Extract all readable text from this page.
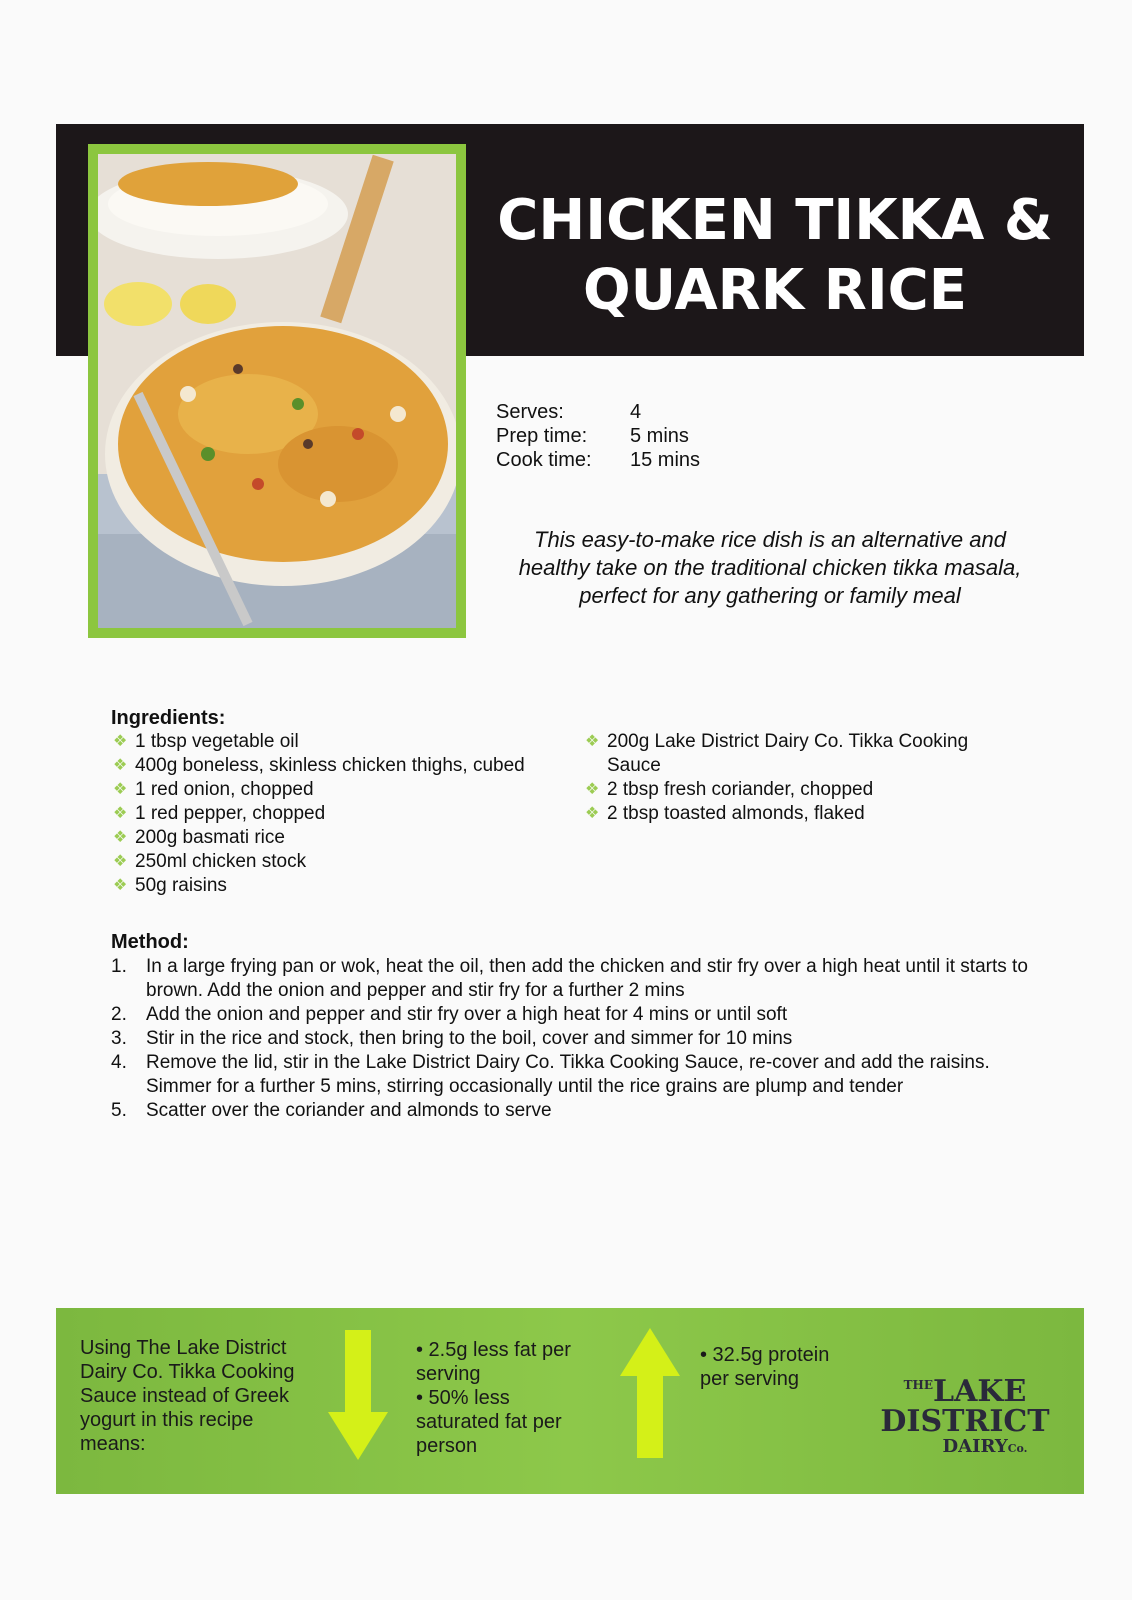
CHICKEN TIKKA &
QUARK RICE
Serves:	4
Prep time:	5 mins
Cook time:	15 mins
This easy-to-make rice dish is an alternative and healthy take on the traditional chicken tikka masala, perfect for any gathering or family meal
Ingredients:
❖ 1 tbsp vegetable oil
❖ 400g boneless, skinless chicken thighs, cubed
❖ 1 red onion, chopped
❖ 1 red pepper, chopped
❖ 200g basmati rice
❖ 250ml chicken stock
❖ 50g raisins
❖ 200g Lake District Dairy Co. Tikka Cooking Sauce
❖ 2 tbsp fresh coriander, chopped
❖ 2 tbsp toasted almonds, flaked
Method:
1.	In a large frying pan or wok, heat the oil, then add the chicken and stir fry over a high heat until it starts to brown. Add the onion and pepper and stir fry for a further 2 mins
2.	Add the onion and pepper and stir fry over a high heat for 4 mins or until soft
3.	Stir in the rice and stock, then bring to the boil, cover and simmer for 10 mins
4.	Remove the lid, stir in the Lake District Dairy Co. Tikka Cooking Sauce, re-cover and add the raisins. Simmer for a further 5 mins, stirring occasionally until the rice grains are plump and tender
5.	Scatter over the coriander and almonds to serve
Using The Lake District Dairy Co. Tikka Cooking Sauce instead of Greek yogurt in this recipe means:
• 2.5g less fat per serving
• 50% less saturated fat per person
• 32.5g protein per serving	$^{THE}$LAKE
DISTRICT
DAIRYCo.
